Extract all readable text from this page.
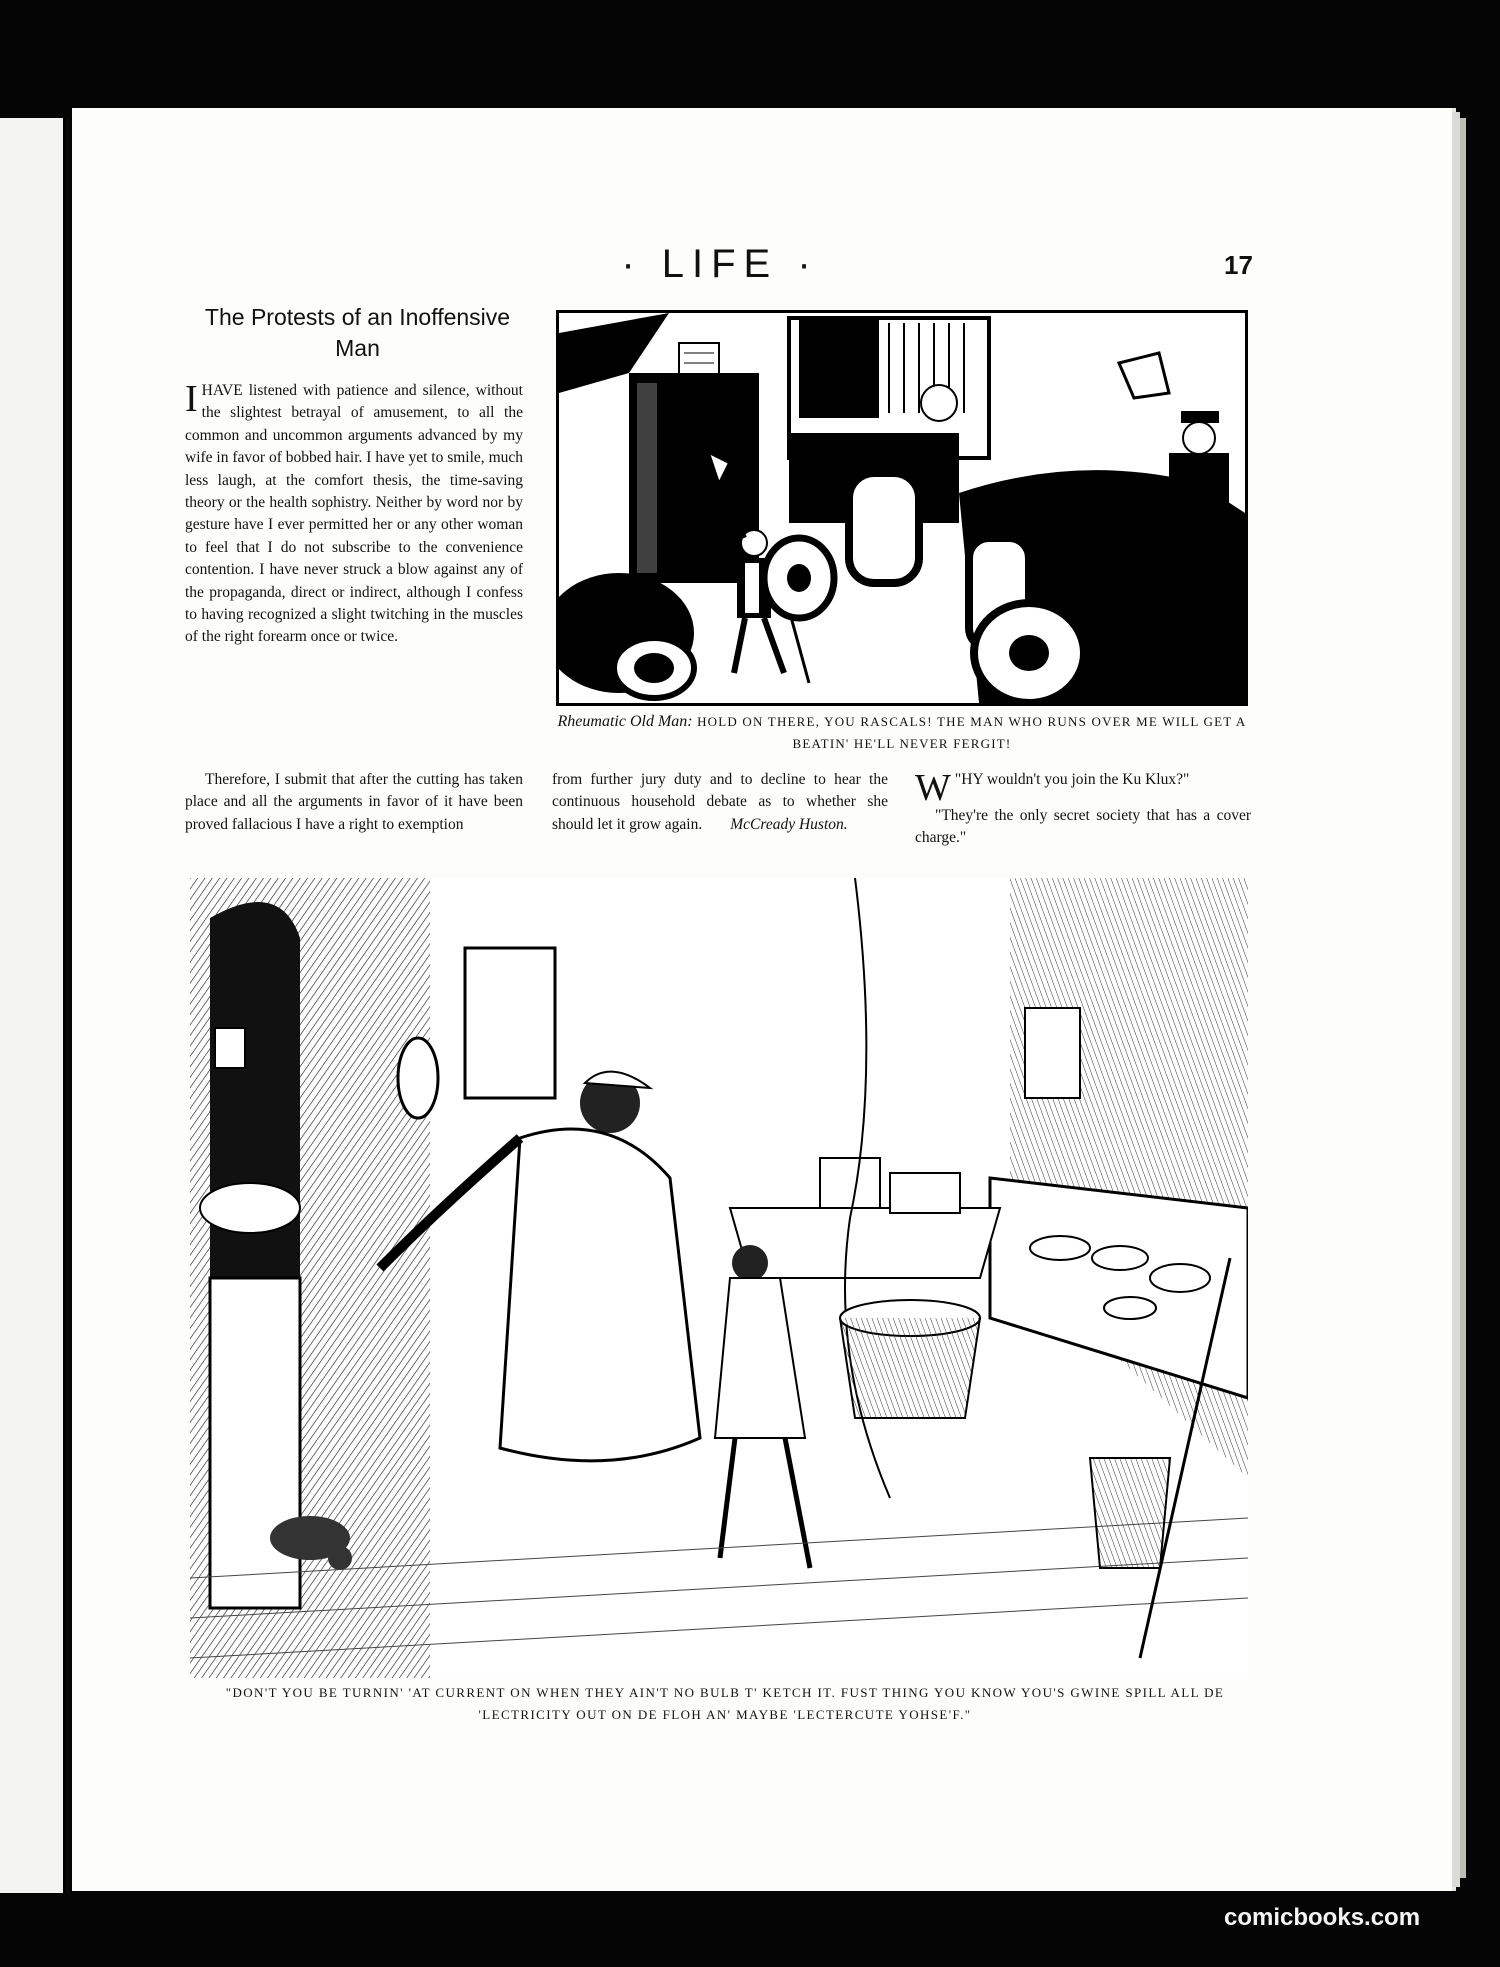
· LIFE ·	17
The Protests of an Inoffensive Man

IHAVE listened with patience and silence, without the slightest betrayal of amusement, to all the common and uncommon arguments advanced by my wife in favor of bobbed hair. I have yet to smile, much less laugh, at the comfort thesis, the time-saving theory or the health sophistry. Neither by word nor by gesture have I ever permitted her or any other woman to feel that I do not subscribe to the convenience contention. I have never struck a blow against any of the propaganda, direct or indirect, although I confess to having recognized a slight twitching in the muscles of the right forearm once or twice.

Therefore, I submit that after the cutting has taken place and all the arguments in favor of it have been proved fallacious I have a right to exemption

from further jury duty and to decline to hear the continuous household debate as to whether she should let it grow again. McCready Huston.

"
W HY wouldn't you join the Ku Klux?"

"They're the only secret society that has a cover charge."

Rheumatic Old Man: HOLD ON THERE, YOU RASCALS! THE MAN WHO RUNS OVER ME WILL GET A BEATIN' HE'LL NEVER FERGIT!
"DON'T YOU BE TURNIN' 'AT CURRENT ON WHEN THEY AIN'T NO BULB T' KETCH IT. FUST THING YOU KNOW YOU'S GWINE SPILL ALL DE 'LECTRICITY OUT ON DE FLOH AN' MAYBE 'LECTERCUTE YOHSE'F."
comicbooks.com
